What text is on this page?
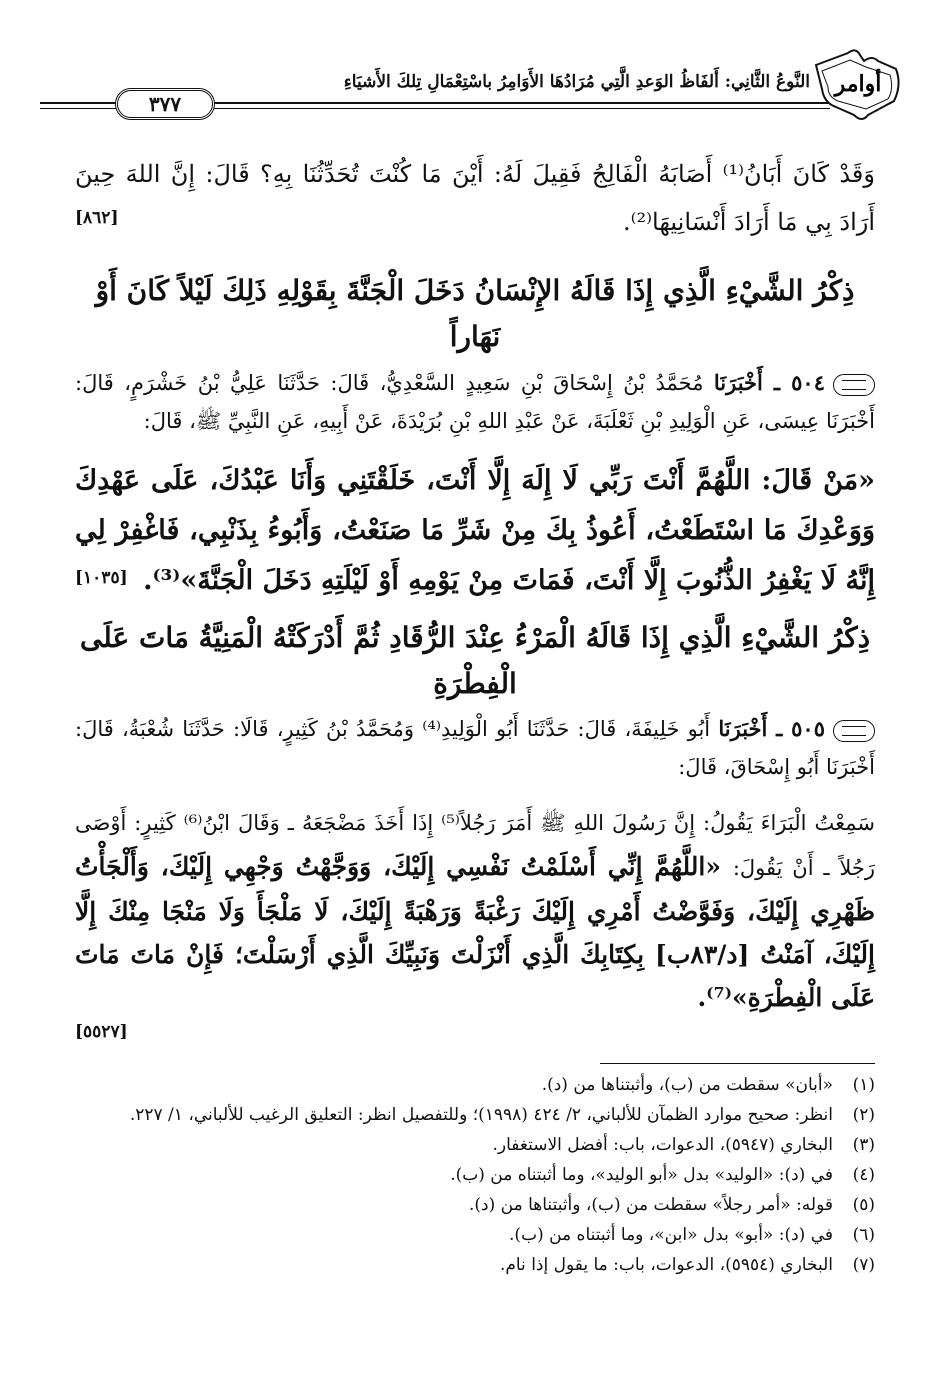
النَّوعُ الثَّانِي: أَلفَاظُ الوَعدِ الَّتِي مُرَادُهَا الأَوَامِرُ باسْتِعْمَالِ تِلكَ الأَشيَاءِ
٣٧٧
أوامر
وَقَدْ كَانَ أَبَانُ⁽¹⁾ أَصَابَهُ الْفَالِجُ فَقِيلَ لَهُ: أَيْنَ مَا كُنْتَ تُحَدِّثُنَا بِهِ؟ قَالَ: إِنَّ اللهَ حِينَ أَرَادَ بِي مَا أَرَادَ أَنْسَانِيهَا⁽²⁾.
[٨٦٢]
ذِكْرُ الشَّيْءِ الَّذِي إِذَا قَالَهُ الإِنْسَانُ دَخَلَ الْجَنَّةَ بِقَوْلِهِ ذَلِكَ لَيْلاً كَانَ أَوْ نَهَاراً
٥٠٤ ـ أَخْبَرَنَا مُحَمَّدُ بْنُ إِسْحَاقَ بْنِ سَعِيدٍ السَّعْدِيُّ، قَالَ: حَدَّثَنَا عَلِيُّ بْنُ خَشْرَمٍ، قَالَ: أَخْبَرَنَا عِيسَى، عَنِ الْوَلِيدِ بْنِ ثَعْلَبَةَ، عَنْ عَبْدِ اللهِ بْنِ بُرَيْدَةَ، عَنْ أَبِيهِ، عَنِ النَّبِيِّ ﷺ، قَالَ:
«مَنْ قَالَ: اللَّهُمَّ أَنْتَ رَبِّي لَا إِلَهَ إِلَّا أَنْتَ، خَلَقْتَنِي وَأَنَا عَبْدُكَ، عَلَى عَهْدِكَ وَوَعْدِكَ مَا اسْتَطَعْتُ، أَعُوذُ بِكَ مِنْ شَرِّ مَا صَنَعْتُ، وَأَبُوءُ بِذَنْبِي، فَاغْفِرْ لِي إِنَّهُ لَا يَغْفِرُ الذُّنُوبَ إِلَّا أَنْتَ، فَمَاتَ مِنْ يَوْمِهِ أَوْ لَيْلَتِهِ دَخَلَ الْجَنَّةَ»⁽³⁾.
[١٠٣٥]
ذِكْرُ الشَّيْءِ الَّذِي إِذَا قَالَهُ الْمَرْءُ عِنْدَ الرُّقَادِ ثُمَّ أَدْرَكَتْهُ الْمَنِيَّةُ مَاتَ عَلَى الْفِطْرَةِ
٥٠٥ ـ أَخْبَرَنَا أَبُو خَلِيفَةَ، قَالَ: حَدَّثَنَا أَبُو الْوَلِيدِ⁽⁴⁾ وَمُحَمَّدُ بْنُ كَثِيرٍ، قَالَا: حَدَّثَنَا شُعْبَةُ، قَالَ: أَخْبَرَنَا أَبُو إِسْحَاقَ، قَالَ:
سَمِعْتُ الْبَرَاءَ يَقُولُ: إِنَّ رَسُولَ اللهِ ﷺ أَمَرَ رَجُلاً⁽⁵⁾ إِذَا أَخَذَ مَضْجَعَهُ ـ وَقَالَ ابْنُ⁽⁶⁾ كَثِيرٍ: أَوْصَى رَجُلاً ـ أَنْ يَقُولَ: «اللَّهُمَّ إِنِّي أَسْلَمْتُ نَفْسِي إِلَيْكَ، وَوَجَّهْتُ وَجْهِي إِلَيْكَ، وَأَلْجَأْتُ ظَهْرِي إِلَيْكَ، وَفَوَّضْتُ أَمْرِي إِلَيْكَ رَغْبَةً وَرَهْبَةً إِلَيْكَ، لَا مَلْجَأَ وَلَا مَنْجَا مِنْكَ إِلَّا إِلَيْكَ، آمَنْتُ [د/٨٣ب] بِكِتَابِكَ الَّذِي أَنْزَلْتَ وَنَبِيِّكَ الَّذِي أَرْسَلْتَ؛ فَإِنْ مَاتَ مَاتَ عَلَى الْفِطْرَةِ»⁽⁷⁾.
[٥٥٢٧]
(١)
«أبان» سقطت من (ب)، وأثبتناها من (د).
(٢)
انظر: صحيح موارد الظمآن للألباني، ٢/ ٤٢٤ (١٩٩٨)؛ وللتفصيل انظر: التعليق الرغيب للألباني، ١/ ٢٢٧.
(٣)
البخاري (٥٩٤٧)، الدعوات، باب: أفضل الاستغفار.
(٤)
في (د): «الوليد» بدل «أبو الوليد»، وما أثبتناه من (ب).
(٥)
قوله: «أمر رجلاً» سقطت من (ب)، وأثبتناها من (د).
(٦)
في (د): «أبو» بدل «ابن»، وما أثبتناه من (ب).
(٧)
البخاري (٥٩٥٤)، الدعوات، باب: ما يقول إذا نام.
